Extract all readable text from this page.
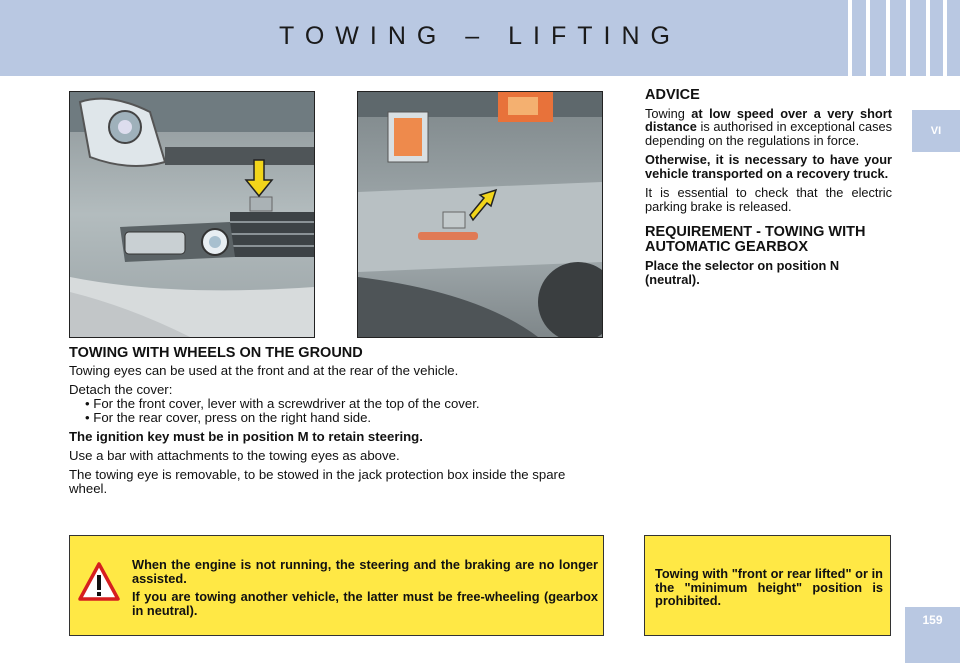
TOWING – LIFTING
VI
159
TOWING WITH WHEELS ON THE GROUND

Towing eyes can be used at the front and at the rear of the vehicle.

Detach the cover:

• For the front cover, lever with a screwdriver at the top of the cover.

• For the rear cover, press on the right hand side.

The ignition key must be in position M to retain steering.

Use a bar with attachments to the towing eyes as above.

The towing eye is removable, to be stowed in the jack protection box inside the spare wheel.

ADVICE

Towing at low speed over a very short distance is authorised in exceptional cases depending on the regulations in force.

Otherwise, it is necessary to have your vehicle transported on a recovery truck.

It is essential to check that the electric parking brake is released.

REQUIREMENT - TOWING WITH AUTOMATIC GEARBOX

Place the selector on position N (neutral).

When the engine is not running, the steering and the braking are no longer assisted.

If you are towing another vehicle, the latter must be free-wheeling (gearbox in neutral).

Towing with "front or rear lifted" or in the "minimum height" position is prohibited.
